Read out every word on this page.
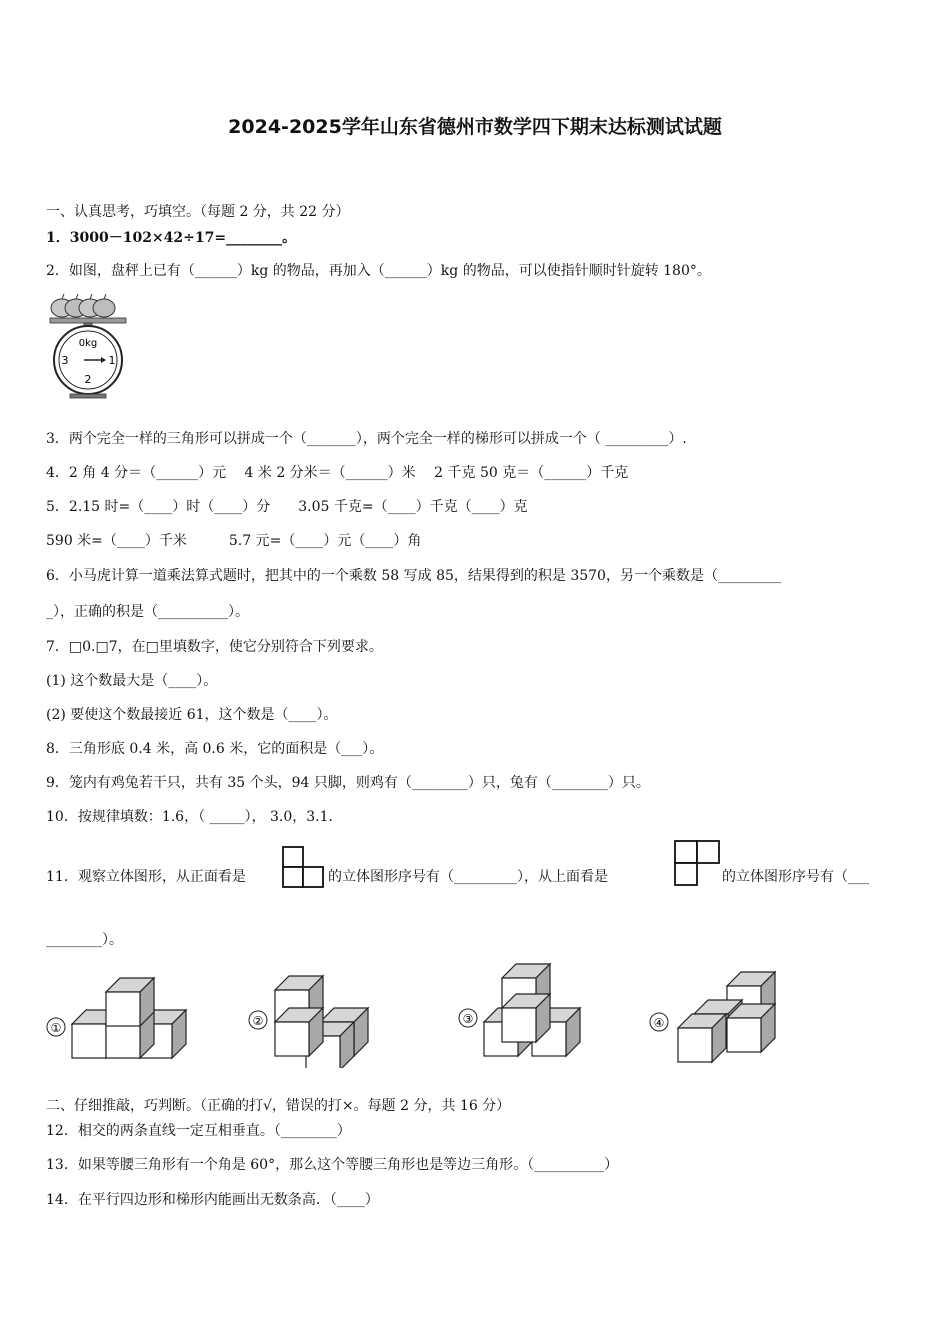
2024-2025学年山东省德州市数学四下期末达标测试试题
一、认真思考，巧填空。（每题 2 分，共 22 分）
1．3000－102×42÷17=________。
2．如图，盘秤上已有（______）kg 的物品，再加入（______）kg 的物品，可以使指针顺时针旋转 180°。
0kg
3	1
2
3．两个完全一样的三角形可以拼成一个（_______），两个完全一样的梯形可以拼成一个（ _________）.
4．2 角 4 分＝（______）元　 4 米 2 分米＝（______）米　 2 千克 50 克＝（______）千克
5．2.15 时=（____）时（____）分　　3.05 千克=（____）千克（____）克
590 米=（____）千米　　　5.7 元=（____）元（____）角
6．小马虎计算一道乘法算式题时，把其中的一个乘数 58 写成 85，结果得到的积是 3570，另一个乘数是（_________
_），正确的积是（__________）。
7．□0.□7，在□里填数字，使它分别符合下列要求。
(1) 这个数最大是（____）。
(2) 要使这个数最接近 61，这个数是（____）。
8．三角形底 0.4 米，高 0.6 米，它的面积是（___）。
9．笼内有鸡兔若干只，共有 35 个头，94 只脚，则鸡有（________）只，兔有（________）只。
10．按规律填数：1.6，（ _____）， 3.0，3.1．
11．观察立体图形，从正面看是	的立体图形序号有（_________），从上面看是	的立体图形序号有（___
________）。
①	②	③	④
二、仔细推敲，巧判断。（正确的打√，错误的打×。每题 2 分，共 16 分）
12．相交的两条直线一定互相垂直。（________）
13．如果等腰三角形有一个角是 60°，那么这个等腰三角形也是等边三角形。（__________）
14．在平行四边形和梯形内能画出无数条高．（____）
